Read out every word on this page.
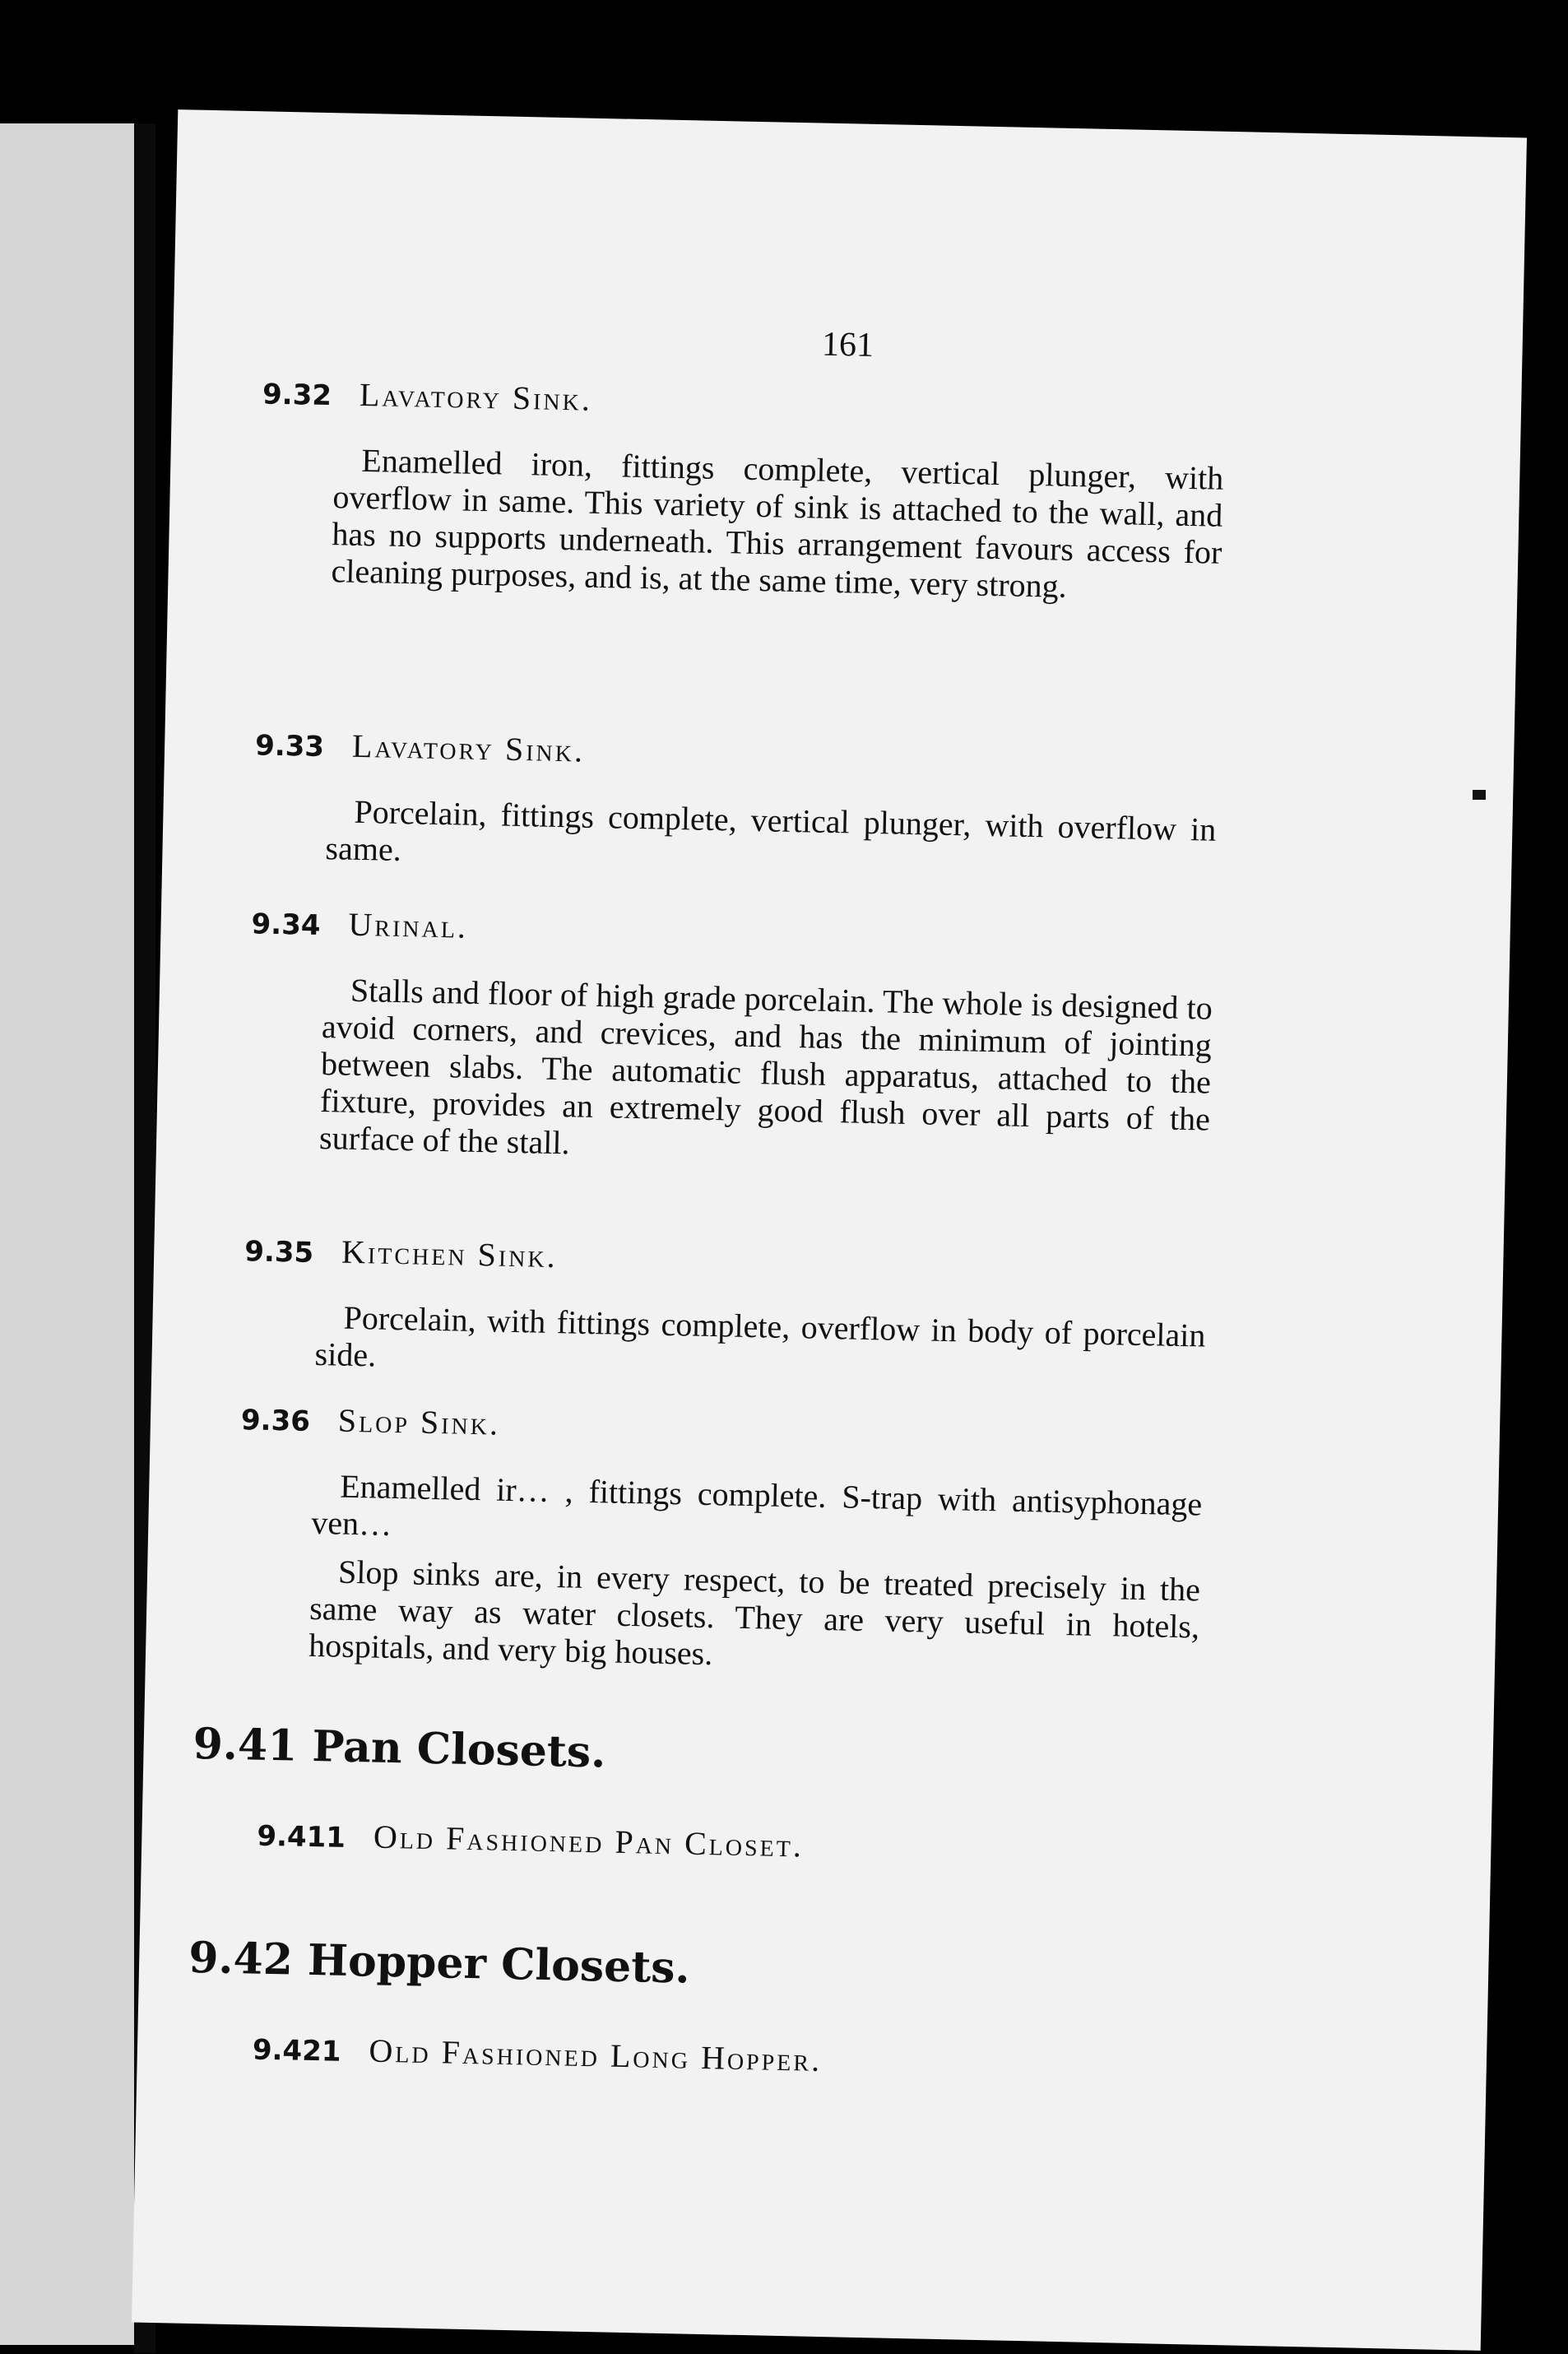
161
9.32 Lavatory Sink.

Enamelled iron, fittings complete, vertical plunger, with overflow in same. This variety of sink is attached to the wall, and has no supports underneath. This arrangement favours access for cleaning purposes, and is, at the same time, very strong.

9.33 Lavatory Sink.

Porcelain, fittings complete, vertical plunger, with overflow in same.

9.34 Urinal.

Stalls and floor of high grade porcelain. The whole is designed to avoid corners, and crevices, and has the minimum of jointing between slabs. The automatic flush apparatus, attached to the fixture, provides an extremely good flush over all parts of the surface of the stall.

9.35 Kitchen Sink.

Porcelain, with fittings complete, overflow in body of porcelain side.

9.36 Slop Sink.

Enamelled ir… , fittings complete. S-trap with antisyphonage ven…

Slop sinks are, in every respect, to be treated precisely in the same way as water closets. They are very useful in hotels, hospitals, and very big houses.

9.41 Pan Closets.
9.411 Old Fashioned Pan Closet.
9.42 Hopper Closets.
9.421 Old Fashioned Long Hopper.
